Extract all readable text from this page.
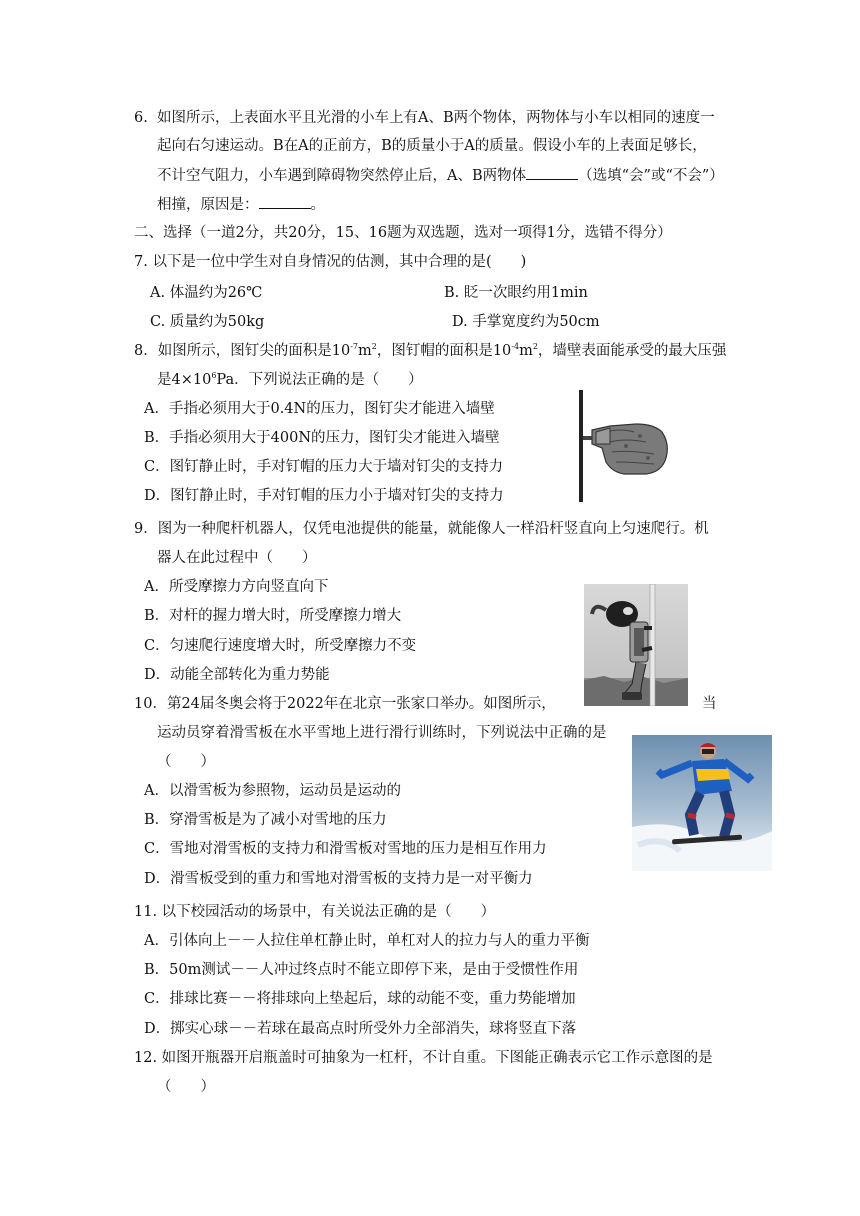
6. 如图所示，上表面水平且光滑的小车上有A、B两个物体，两物体与小车以相同的速度一
起向右匀速运动。B在A的正前方，B的质量小于A的质量。假设小车的上表面足够长，
不计空气阻力，小车遇到障碍物突然停止后，A、B两物体	（选填“会”或“不会”）
相撞，原因是：	。
二、选择（一道2分，共20分，15、16题为双选题，选对一项得1分，选错不得分）
7. 以下是一位中学生对自身情况的估测，其中合理的是(　　)
A. 体温约为26℃	B. 眨一次眼约用1min
C. 质量约为50kg	D. 手掌宽度约为50cm
8．如图所示，图钉尖的面积是$10^{-7}m^2$，图钉帽的面积是$10^{-4}m^2$，墙壁表面能承受的最大压强
是$4\times 10^6Pa$．下列说法正确的是（　　）
A．手指必须用大于0.4N的压力，图钉尖才能进入墙壁
B．手指必须用大于400N的压力，图钉尖才能进入墙壁
C．图钉静止时，手对钉帽的压力大于墙对钉尖的支持力
D．图钉静止时，手对钉帽的压力小于墙对钉尖的支持力
9．图为一种爬杆机器人，仅凭电池提供的能量，就能像人一样沿杆竖直向上匀速爬行。机
器人在此过程中（　　）
A．所受摩擦力方向竖直向下
B．对杆的握力增大时，所受摩擦力增大
C．匀速爬行速度增大时，所受摩擦力不变
D．动能全部转化为重力势能
10．第24届冬奥会将于2022年在北京一张家口举办。如图所示，	当
运动员穿着滑雪板在水平雪地上进行滑行训练时，下列说法中正确的是
（　　）
A．以滑雪板为参照物，运动员是运动的
B．穿滑雪板是为了减小对雪地的压力
C．雪地对滑雪板的支持力和滑雪板对雪地的压力是相互作用力
D．滑雪板受到的重力和雪地对滑雪板的支持力是一对平衡力
11. 以下校园活动的场景中，有关说法正确的是（　　）
A．引体向上－－人拉住单杠静止时，单杠对人的拉力与人的重力平衡
B．50m测试－－人冲过终点时不能立即停下来，是由于受惯性作用
C．排球比赛－－将排球向上垫起后，球的动能不变，重力势能增加
D．掷实心球－－若球在最高点时所受外力全部消失，球将竖直下落
12. 如图开瓶器开启瓶盖时可抽象为一杠杆，不计自重。下图能正确表示它工作示意图的是
（　　）
